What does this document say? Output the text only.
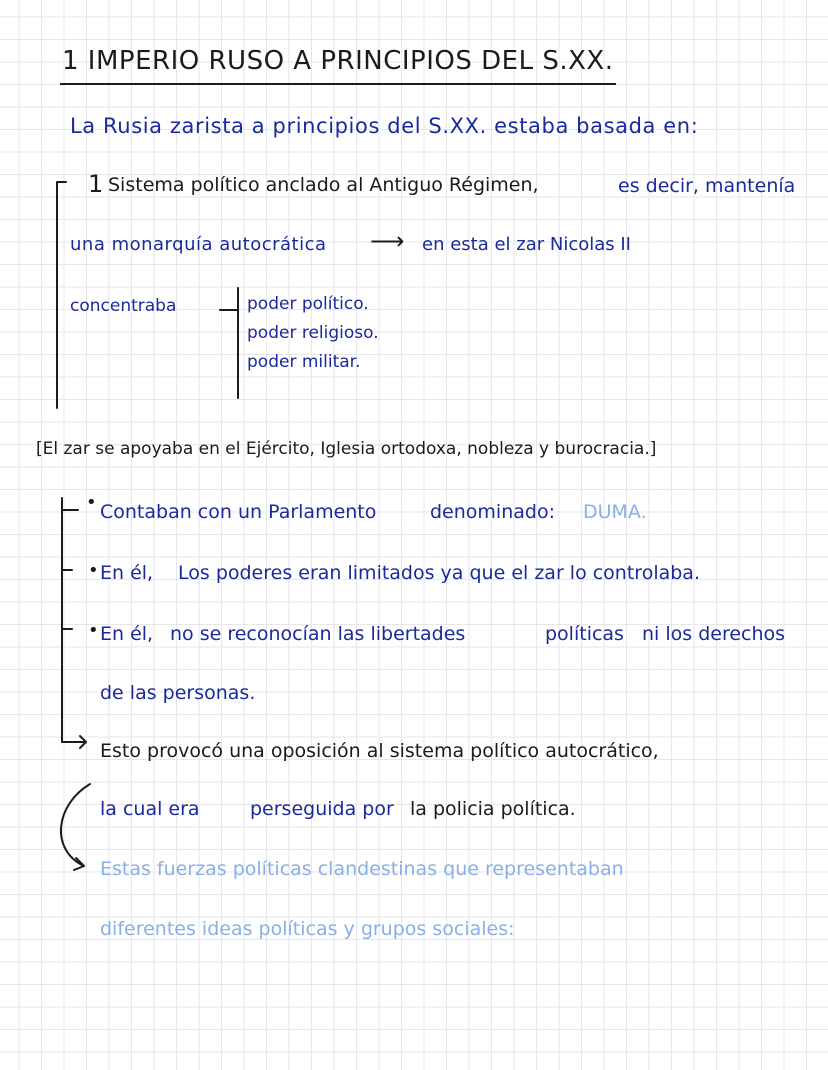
1 IMPERIO RUSO A PRINCIPIOS DEL S.XX.
La Rusia zarista a principios del S.XX. estaba basada en:
1 Sistema político anclado al Antiguo Régimen,	es decir, mantenía
una monarquía autocrática ⟶ en esta el zar Nicolas II
concentraba	poder político.
poder religioso.
poder militar.
[El zar se apoyaba en el Ejército, Iglesia ortodoxa, nobleza y burocracia.]
• Contaban con un Parlamento	denominado: DUMA.
• En él, Los poderes eran limitados ya que el zar lo controlaba.
• En él, no se reconocían las libertades	políticas ni los derechos
de las personas.
Esto provocó una oposición al sistema político autocrático,
la cual era	perseguida por la policia política.
Estas fuerzas políticas clandestinas que representaban
diferentes ideas políticas y grupos sociales:
